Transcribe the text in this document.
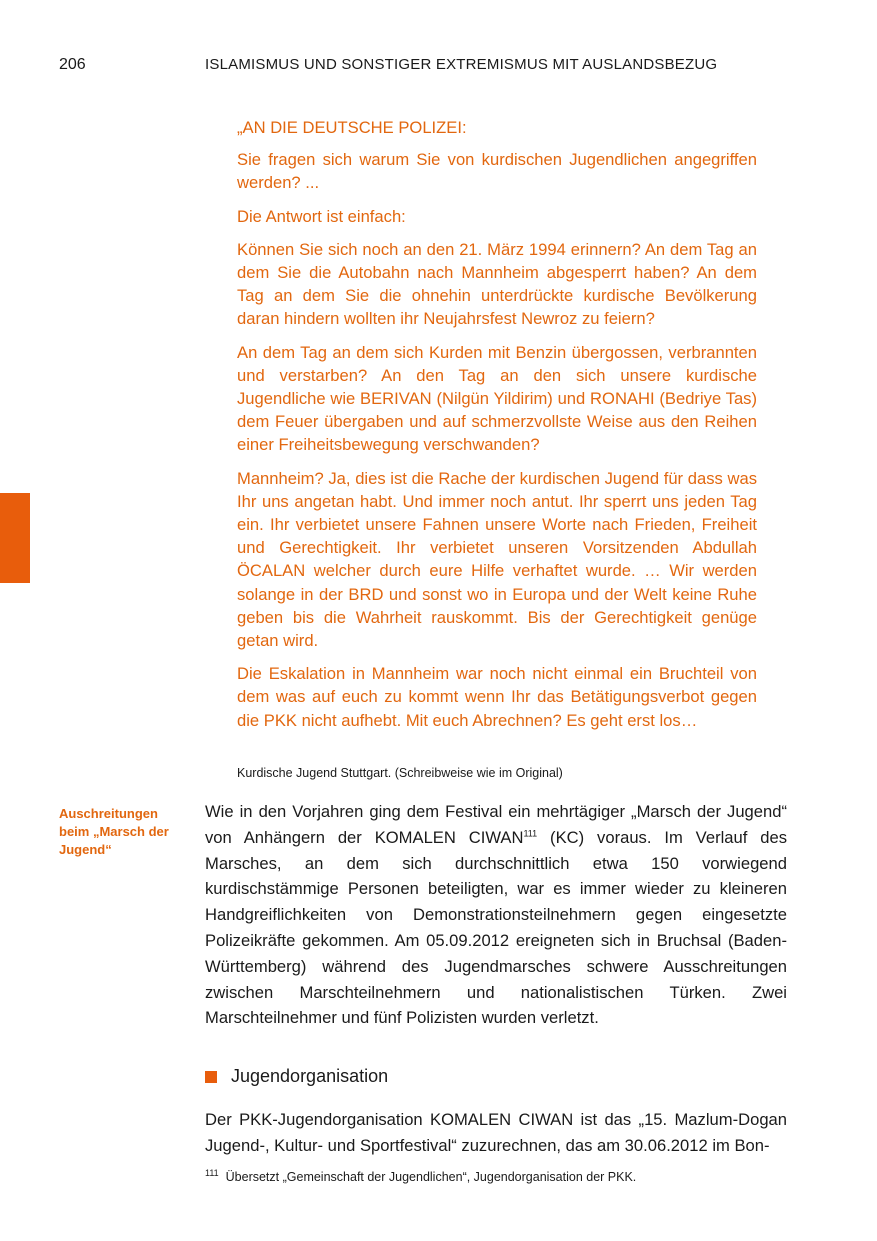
206	ISLAMISMUS UND SONSTIGER EXTREMISMUS MIT AUSLANDSBEZUG

„AN DIE DEUTSCHE POLIZEI:

Sie fragen sich warum Sie von kurdischen Jugendlichen angegriffen werden? ...

Die Antwort ist einfach:

Können Sie sich noch an den 21. März 1994 erinnern? An dem Tag an dem Sie die Autobahn nach Mannheim abgesperrt haben? An dem Tag an dem Sie die ohnehin unterdrückte kurdische Bevölkerung daran hindern wollten ihr Neujahrsfest Newroz zu feiern?

An dem Tag an dem sich Kurden mit Benzin übergossen, verbrannten und verstarben? An den Tag an den sich unsere kurdische Jugendliche wie BERIVAN (Nilgün Yildirim) und RONAHI (Bedriye Tas) dem Feuer übergaben und auf schmerzvollste Weise aus den Reihen einer Freiheitsbewegung verschwanden?

Mannheim? Ja, dies ist die Rache der kurdischen Jugend für dass was Ihr uns angetan habt. Und immer noch antut. Ihr sperrt uns jeden Tag ein. Ihr verbietet unsere Fahnen unsere Worte nach Frieden, Freiheit und Gerechtigkeit. Ihr verbietet unseren Vorsitzenden Abdullah ÖCALAN welcher durch eure Hilfe verhaftet wurde. … Wir werden solange in der BRD und sonst wo in Europa und der Welt keine Ruhe geben bis die Wahrheit rauskommt. Bis der Gerechtigkeit genüge getan wird.

Die Eskalation in Mannheim war noch nicht einmal ein Bruchteil von dem was auf euch zu kommt wenn Ihr das Betätigungsverbot gegen die PKK nicht aufhebt. Mit euch Abrechnen? Es geht erst los…

Kurdische Jugend Stuttgart. (Schreibweise wie im Original)
Auschreitungen beim „Marsch der Jugend“
Wie in den Vorjahren ging dem Festival ein mehrtägiger „Marsch der Jugend“ von Anhängern der KOMALEN CIWAN$^{111}$ (KC) voraus. Im Verlauf des Marsches, an dem sich durchschnittlich etwa 150 vorwiegend kurdischstämmige Personen beteiligten, war es immer wieder zu kleineren Handgreiflichkeiten von Demonstrationsteilnehmern gegen eingesetzte Polizeikräfte gekommen. Am 05.09.2012 ereigneten sich in Bruchsal (Baden-Württemberg) während des Jugendmarsches schwere Ausschreitungen zwischen Marschteilnehmern und nationalistischen Türken. Zwei Marschteilnehmer und fünf Polizisten wurden verletzt.
Jugendorganisation
Der PKK-Jugendorganisation KOMALEN CIWAN ist das „15. Mazlum-Dogan Jugend-, Kultur- und Sportfestival“ zuzurechnen, das am 30.06.2012 im Bon-
$^{111}$ Übersetzt „Gemeinschaft der Jugendlichen“, Jugendorganisation der PKK.
